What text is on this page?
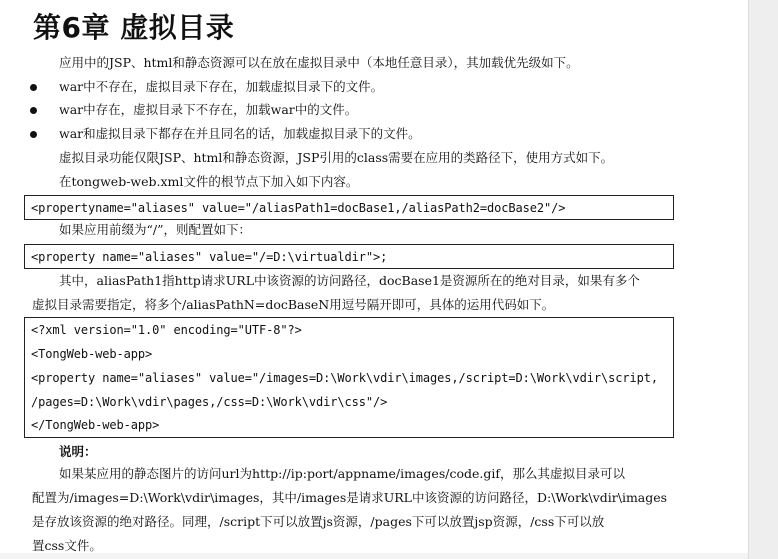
第6章 虚拟目录

应用中的JSP、html和静态资源可以在放在虚拟目录中（本地任意目录），其加载优先级如下。

war中不存在，虚拟目录下存在，加载虚拟目录下的文件。

war中存在，虚拟目录下不存在，加载war中的文件。

war和虚拟目录下都存在并且同名的话，加载虚拟目录下的文件。

虚拟目录功能仅限JSP、html和静态资源，JSP引用的class需要在应用的类路径下，使用方式如下。

在tongweb-web.xml文件的根节点下加入如下内容。

<propertyname="aliases" value="/aliasPath1=docBase1,/aliasPath2=docBase2"/>

如果应用前缀为“/”，则配置如下：

<property name="aliases" value="/=D:\virtualdir">;

其中，aliasPath1指http请求URL中该资源的访问路径，docBase1是资源所在的绝对目录，如果有多个

虚拟目录需要指定，将多个/aliasPathN=docBaseN用逗号隔开即可，具体的运用代码如下。

<?xml version="1.0" encoding="UTF-8"?>

<TongWeb-web-app>

<property name="aliases" value="/images=D:\Work\vdir\images,/script=D:\Work\vdir\script,

/pages=D:\Work\vdir\pages,/css=D:\Work\vdir\css"/>

</TongWeb-web-app>

说明：

如果某应用的静态图片的访问url为http://ip:port/appname/images/code.gif，那么其虚拟目录可以

配置为/images=D:\Work\vdir\images，其中/images是请求URL中该资源的访问路径，D:\Work\vdir\images

是存放该资源的绝对路径。同理，/script下可以放置js资源，/pages下可以放置jsp资源，/css下可以放

置css文件。
